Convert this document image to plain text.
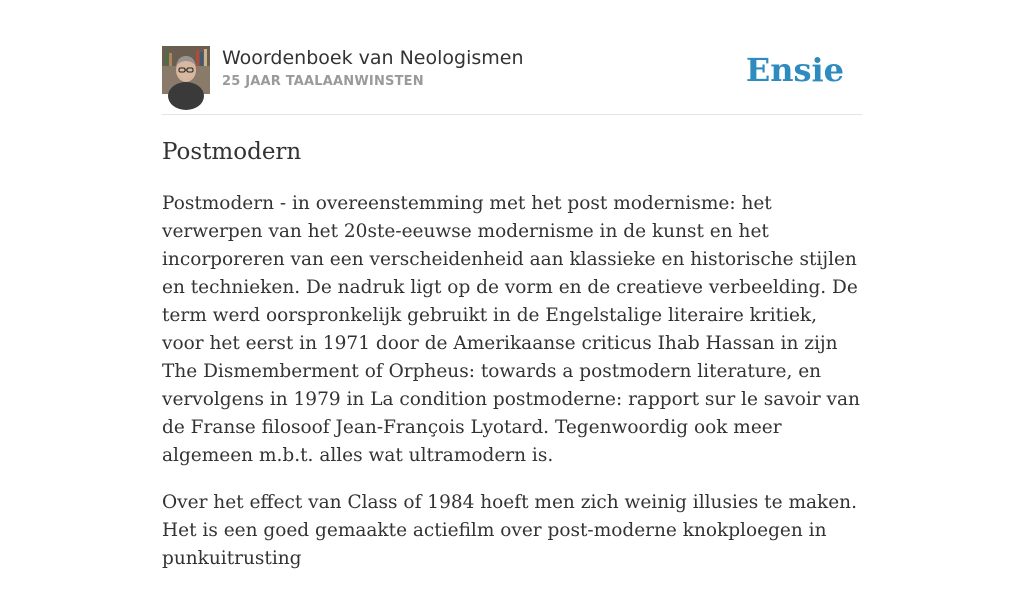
Woordenboek van Neologismen
25 JAAR TAALAANWINSTEN	Ensie
Postmodern

Postmodern - in overeenstemming met het post modernisme: het verwerpen van het 20ste-eeuwse modernisme in de kunst en het incorporeren van een verscheidenheid aan klassieke en historische stijlen en technieken. De nadruk ligt op de vorm en de creatieve verbeelding. De term werd oorspronkelijk gebruikt in de Engelstalige literaire kritiek, voor het eerst in 1971 door de Amerikaanse criticus Ihab Hassan in zijn The Dismemberment of Orpheus: towards a postmodern literature, en vervolgens in 1979 in La condition postmoderne: rapport sur le savoir van de Franse filosoof Jean-François Lyotard. Tegenwoordig ook meer algemeen m.b.t. alles wat ultramodern is.

Over het effect van Class of 1984 hoeft men zich weinig illusies te maken. Het is een goed gemaakte actiefilm over post-moderne knokploegen in punkuitrusting
